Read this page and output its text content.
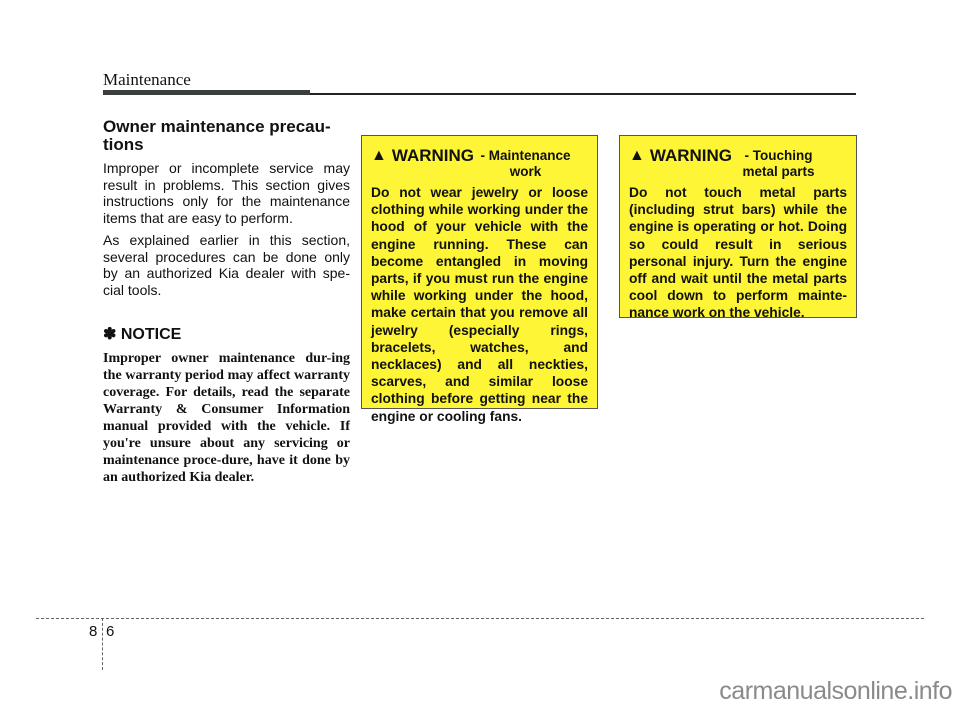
Maintenance
Owner maintenance precau-tions

Improper or incomplete service may result in problems. This section gives instructions only for the maintenance items that are easy to perform.

As explained earlier in this section, several procedures can be done only by an authorized Kia dealer with spe-cial tools.

✽ NOTICE
Improper owner maintenance dur-ing the warranty period may affect warranty coverage. For details, read the separate Warranty & Consumer Information manual provided with the vehicle. If you're unsure about any servicing or maintenance proce-dure, have it done by an authorized Kia dealer.
▲ WARNING - Maintenance work
Do not wear jewelry or loose clothing while working under the hood of your vehicle with the engine running. These can become entangled in moving parts, if you must run the engine while working under the hood, make certain that you remove all jewelry (especially rings, bracelets, watches, and necklaces) and all neckties, scarves, and similar loose clothing before getting near the engine or cooling fans.
▲ WARNING - Touching metal parts
Do not touch metal parts (including strut bars) while the engine is operating or hot. Doing so could result in serious personal injury. Turn the engine off and wait until the metal parts cool down to perform mainte-nance work on the vehicle.
8 6
carmanualsonline.info
